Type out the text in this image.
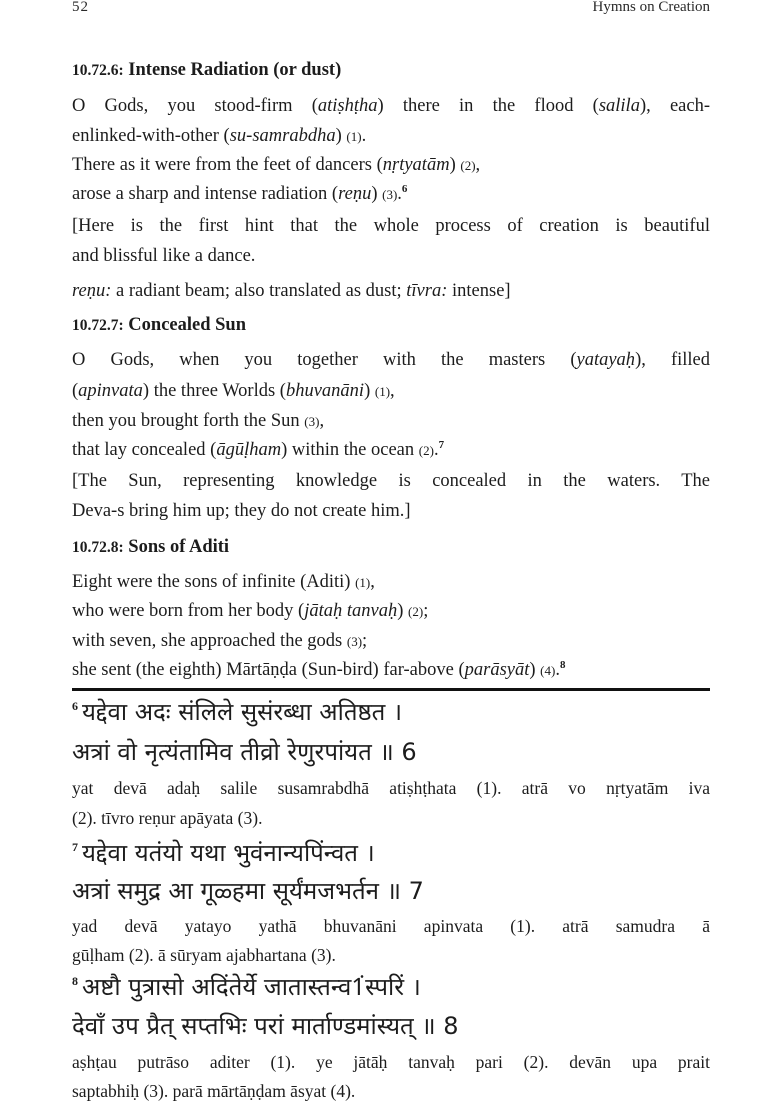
52	Hymns on Creation
10.72.6: Intense Radiation (or dust)
O Gods, you stood-firm (atiṣhṭha) there in the flood (salila), each-
enlinked-with-other (su-samrabdha) (1).
There as it were from the feet of dancers (nṛtyatām) (2),
arose a sharp and intense radiation (reṇu) (3).$^6$
[Here is the first hint that the whole process of creation is beautiful
and blissful like a dance.
reṇu: a radiant beam; also translated as dust; tīvra: intense]
10.72.7: Concealed Sun
O Gods, when you together with the masters (yatayaḥ), filled
(apinvata) the three Worlds (bhuvanāni) (1),
then you brought forth the Sun (3),
that lay concealed (āgūḷham) within the ocean (2).$^7$
[The Sun, representing knowledge is concealed in the waters. The
Deva-s bring him up; they do not create him.]
10.72.8: Sons of Aditi
Eight were the sons of infinite (Aditi) (1),
who were born from her body (jātaḥ tanvaḥ) (2);
with seven, she approached the gods (3);
she sent (the eighth) Mārtāṇḍa (Sun-bird) far-above (parāsyāt) (4).$^8$
$^6$ यद्देवा अदः संलिले सुसंरब्धा अतिष्ठत ।
अत्रां वो नृत्यंतामिव तीव्रो रेणुरपांयत ॥ 6
yat devā adaḥ salile susamrabdhā atiṣhṭhata (1). atrā vo nṛtyatām iva
(2). tīvro reṇur apāyata (3).
$^7$ यद्देवा यतंयो यथा भुवंनान्यपिंन्वत ।
अत्रां समुद्र आ गूळ्हमा सूर्यंमजभर्तन ॥ 7
yad devā yatayo yathā bhuvanāni apinvata (1). atrā samudra ā
gūḷham (2). ā sūryam ajabhartana (3).
$^8$ अष्टौ पुत्रासो अदिंतेर्ये जातास्तन्व1ंस्परिं ।
देवाँ उप प्रैत् सप्तभिः परां मार्ताण्डमांस्यत् ॥ 8
aṣhṭau putrāso aditer (1). ye jātāḥ tanvaḥ pari (2). devān upa prait
saptabhiḥ (3). parā mārtāṇḍam āsyat (4).
